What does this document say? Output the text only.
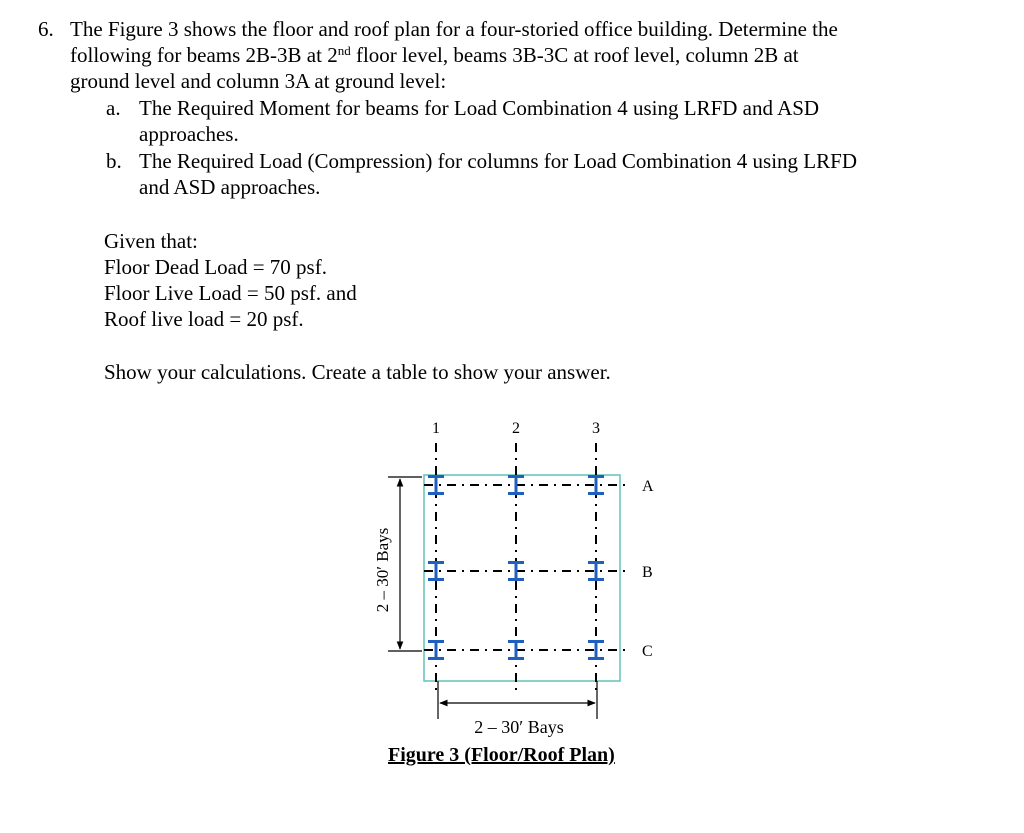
6. The Figure 3 shows the floor and roof plan for a four-storied office building. Determine the
following for beams 2B-3B at 2nd floor level, beams 3B-3C at roof level, column 2B at
ground level and column 3A at ground level:
a. The Required Moment for beams for Load Combination 4 using LRFD and ASD
approaches.
b. The Required Load (Compression) for columns for Load Combination 4 using LRFD
and ASD approaches.
Given that:
Floor Dead Load = 70 psf.
Floor Live Load = 50 psf. and
Roof live load = 20 psf.
Show your calculations. Create a table to show your answer.
1	2	3
A
B
C
2 – 30′ Bays
2 – 30′ Bays
Figure 3 (Floor/Roof Plan)
